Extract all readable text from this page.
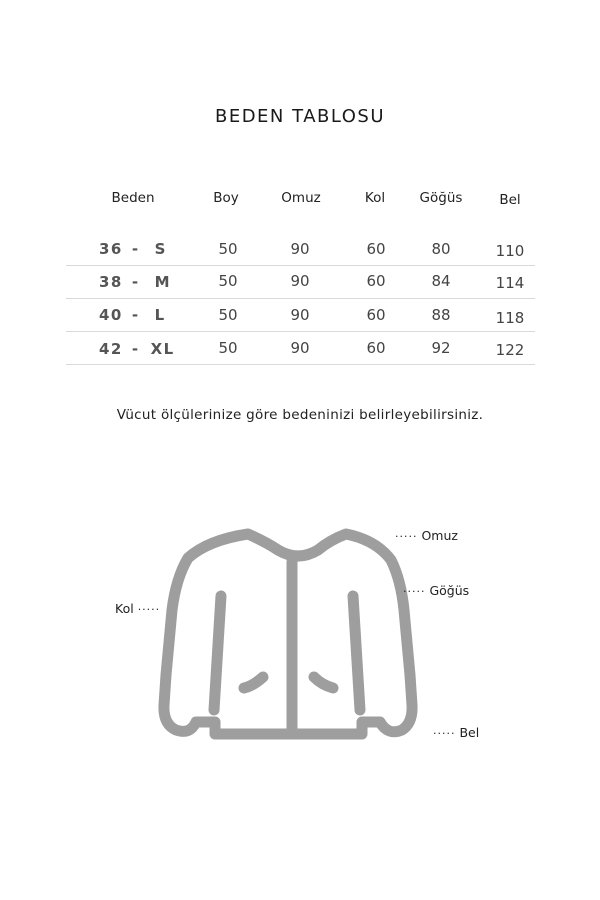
BEDEN TABLOSU
Beden	Boy	Omuz	Kol	Göğüs	Bel
36 - S	50	90	60	80	110
38 - M	50	90	60	84	114
40 - L	50	90	60	88	118
42 - XL	50	90	60	92	122
Vücut ölçülerinize göre bedeninizi belirleyebilirsiniz.
····· Omuz
····· Göğüs
Kol ·····
····· Bel
